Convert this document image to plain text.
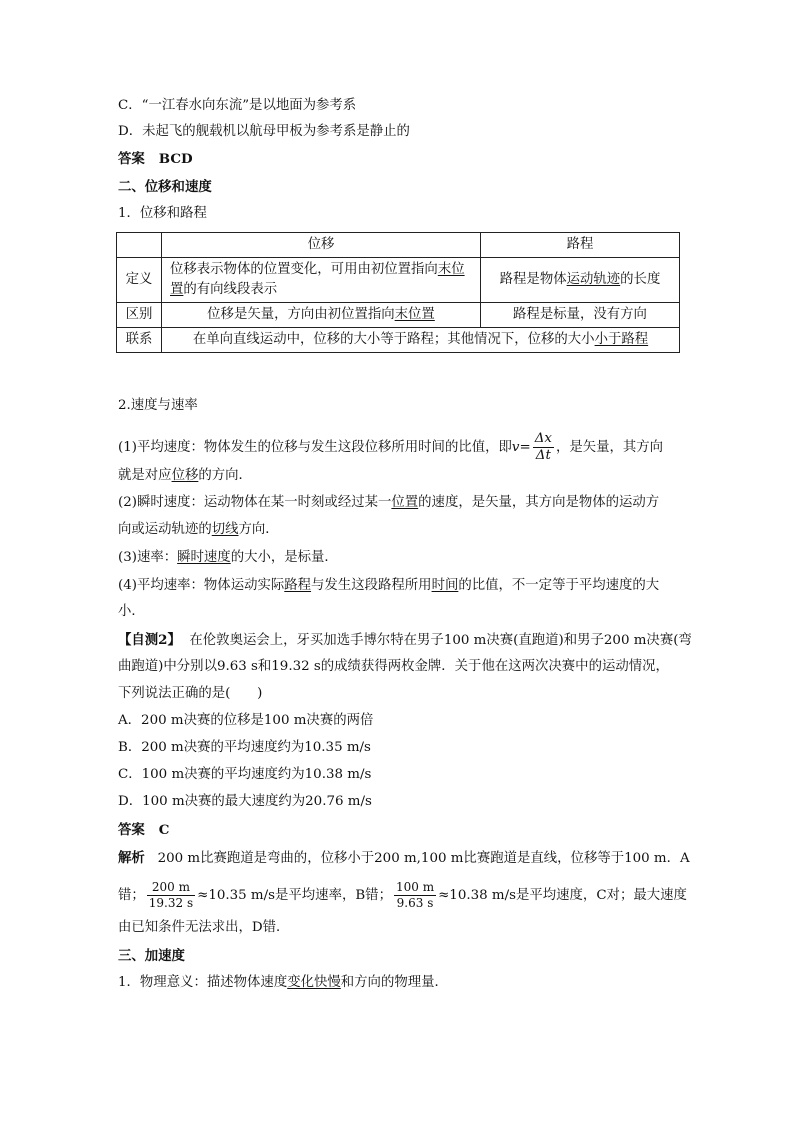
C．“一江春水向东流”是以地面为参考系
D．未起飞的舰载机以航母甲板为参考系是静止的
答案 BCD
二、位移和速度
1．位移和路程
	位移	路程
定义	位移表示物体的位置变化，可用由初位置指向末位
置的有向线段表示	路程是物体运动轨迹的长度
区别	位移是矢量，方向由初位置指向末位置	路程是标量，没有方向
联系	在单向直线运动中，位移的大小等于路程；其他情况下，位移的大小小于路程	
2.速度与速率
(1)平均速度：物体发生的位移与发生这段位移所用时间的比值，即$v= \frac{\Delta x}{\Delta t}$ ，是矢量，其方向
就是对应位移的方向．
(2)瞬时速度：运动物体在某一时刻或经过某一位置的速度，是矢量，其方向是物体的运动方
向或运动轨迹的切线方向．
(3)速率：瞬时速度的大小，是标量．
(4)平均速率：物体运动实际路程与发生这段路程所用时间的比值，不一定等于平均速度的大
小．
【自测2】 在伦敦奥运会上，牙买加选手博尔特在男子100 m决赛(直跑道)和男子200 m决赛(弯
曲跑道)中分别以9.63 s和19.32 s的成绩获得两枚金牌．关于他在这两次决赛中的运动情况，
下列说法正确的是(　　)
A．200 m决赛的位移是100 m决赛的两倍
B．200 m决赛的平均速度约为10.35 m/s
C．100 m决赛的平均速度约为10.38 m/s
D．100 m决赛的最大速度约为20.76 m/s
答案 C
解析 200 m比赛跑道是弯曲的，位移小于200 m,100 m比赛跑道是直线，位移等于100 m．A
错； $\frac{200 m}{19.32 s} \approx 10.35$ m/s是平均速率，B错； $\frac{100 m}{9.63 s} \approx 10.38$ m/s是平均速度，C对；最大速度
由已知条件无法求出，D错．
三、加速度
1．物理意义：描述物体速度变化快慢和方向的物理量．
